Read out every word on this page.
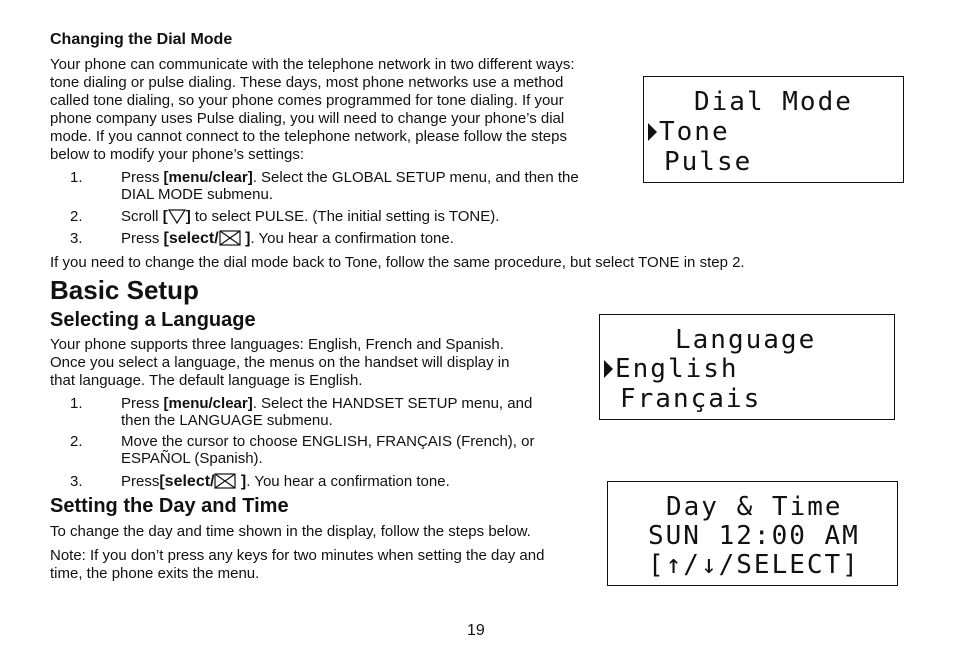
Changing the Dial Mode
Your phone can communicate with the telephone network in two different ways:
tone dialing or pulse dialing. These days, most phone networks use a method
called tone dialing, so your phone comes programmed for tone dialing. If your
phone company uses Pulse dialing, you will need to change your phone’s dial
mode. If you cannot connect to the telephone network, please follow the steps
below to modify your phone’s settings:
1.	Press [menu/clear]. Select the GLOBAL SETUP menu, and then the
DIAL MODE submenu.
2.	Scroll [ ] to select PULSE. (The initial setting is TONE).
3.	Press [select/ ]. You hear a confirmation tone.
If you need to change the dial mode back to Tone, follow the same procedure, but select TONE in step 2.
Dial Mode
Tone
Pulse
Basic Setup
Selecting a Language
Your phone supports three languages: English, French and Spanish.
Once you select a language, the menus on the handset will display in
that language. The default language is English.
1.	Press [menu/clear]. Select the HANDSET SETUP menu, and
then the LANGUAGE submenu.
2.	Move the cursor to choose ENGLISH, FRANÇAIS (French), or
ESPAÑOL (Spanish).
3.	Press[select/ ]. You hear a confirmation tone.
Language
English
Français
Setting the Day and Time
To change the day and time shown in the display, follow the steps below.
Note: If you don’t press any keys for two minutes when setting the day and
time, the phone exits the menu.
Day & Time
SUN 12:00 AM
[↑/↓/SELECT]
19
